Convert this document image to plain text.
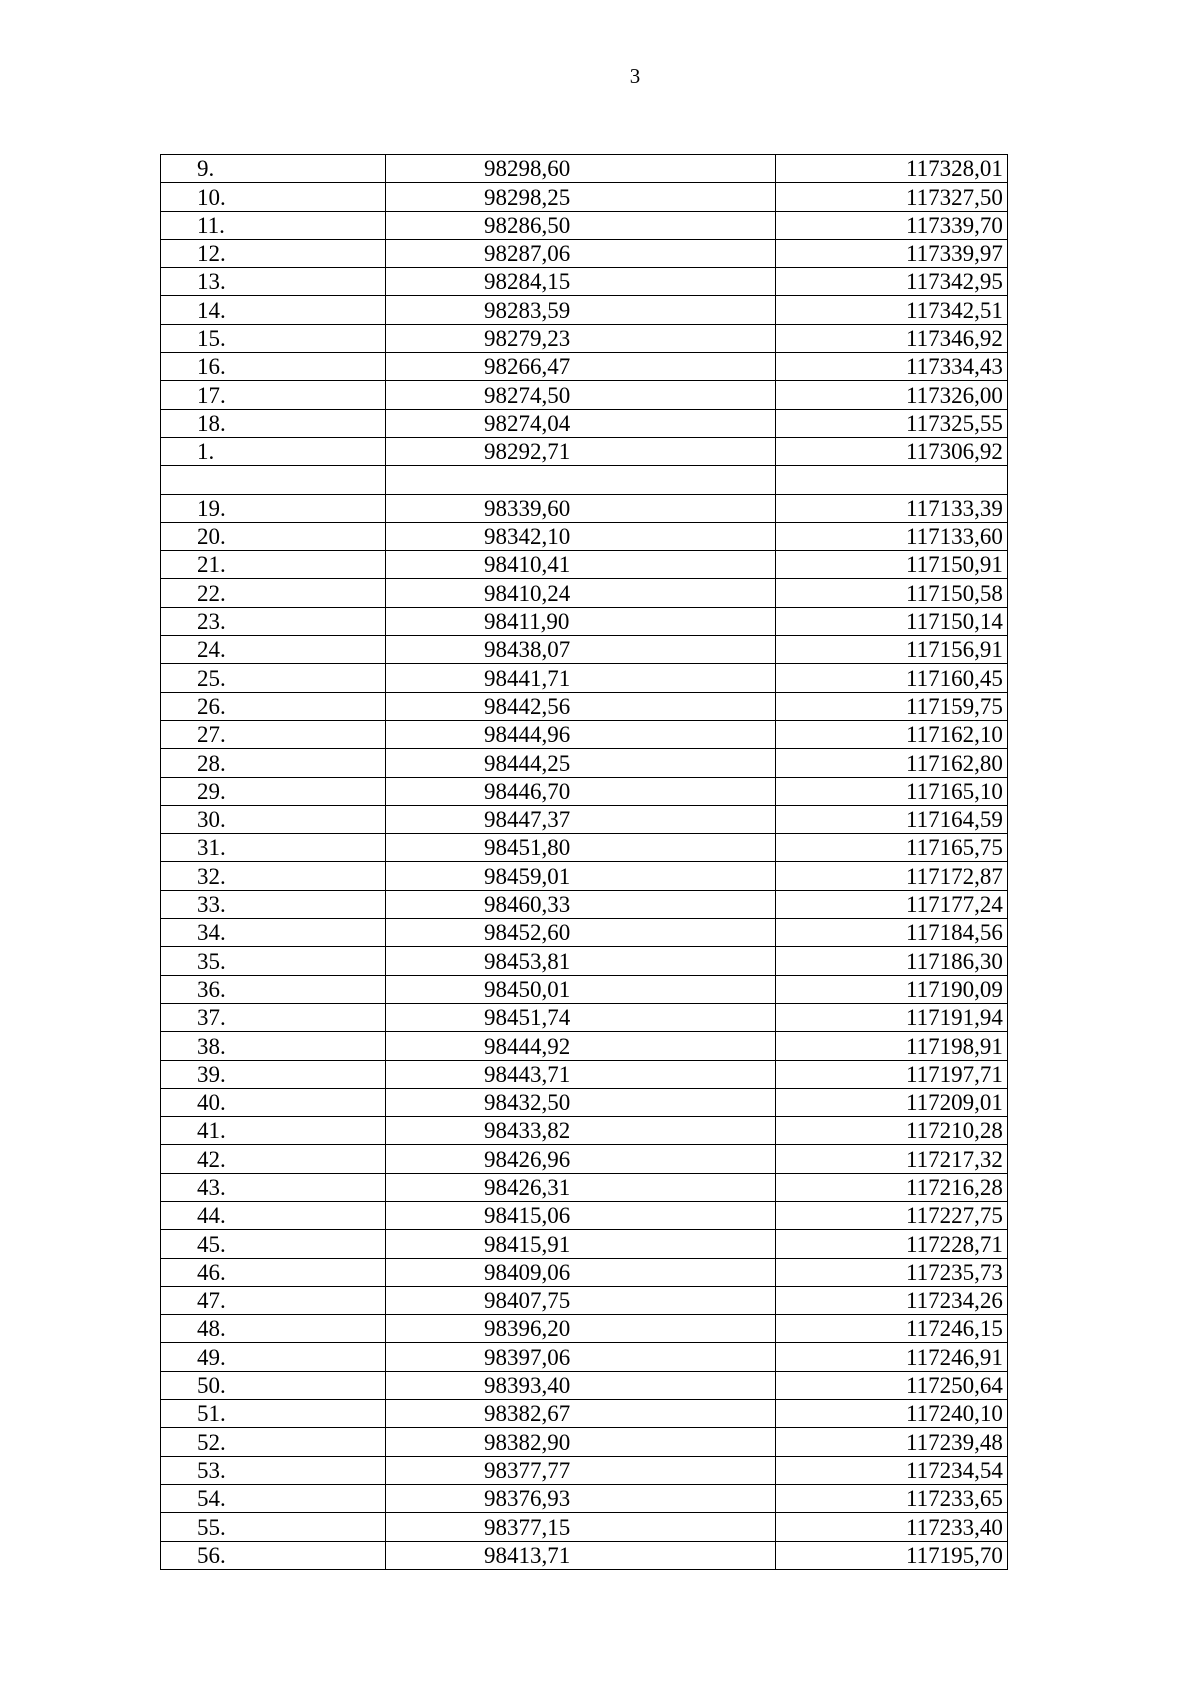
3
9.	98298,60	117328,01
10.	98298,25	117327,50
11.	98286,50	117339,70
12.	98287,06	117339,97
13.	98284,15	117342,95
14.	98283,59	117342,51
15.	98279,23	117346,92
16.	98266,47	117334,43
17.	98274,50	117326,00
18.	98274,04	117325,55
1.	98292,71	117306,92

19.	98339,60	117133,39
20.	98342,10	117133,60
21.	98410,41	117150,91
22.	98410,24	117150,58
23.	98411,90	117150,14
24.	98438,07	117156,91
25.	98441,71	117160,45
26.	98442,56	117159,75
27.	98444,96	117162,10
28.	98444,25	117162,80
29.	98446,70	117165,10
30.	98447,37	117164,59
31.	98451,80	117165,75
32.	98459,01	117172,87
33.	98460,33	117177,24
34.	98452,60	117184,56
35.	98453,81	117186,30
36.	98450,01	117190,09
37.	98451,74	117191,94
38.	98444,92	117198,91
39.	98443,71	117197,71
40.	98432,50	117209,01
41.	98433,82	117210,28
42.	98426,96	117217,32
43.	98426,31	117216,28
44.	98415,06	117227,75
45.	98415,91	117228,71
46.	98409,06	117235,73
47.	98407,75	117234,26
48.	98396,20	117246,15
49.	98397,06	117246,91
50.	98393,40	117250,64
51.	98382,67	117240,10
52.	98382,90	117239,48
53.	98377,77	117234,54
54.	98376,93	117233,65
55.	98377,15	117233,40
56.	98413,71	117195,70
